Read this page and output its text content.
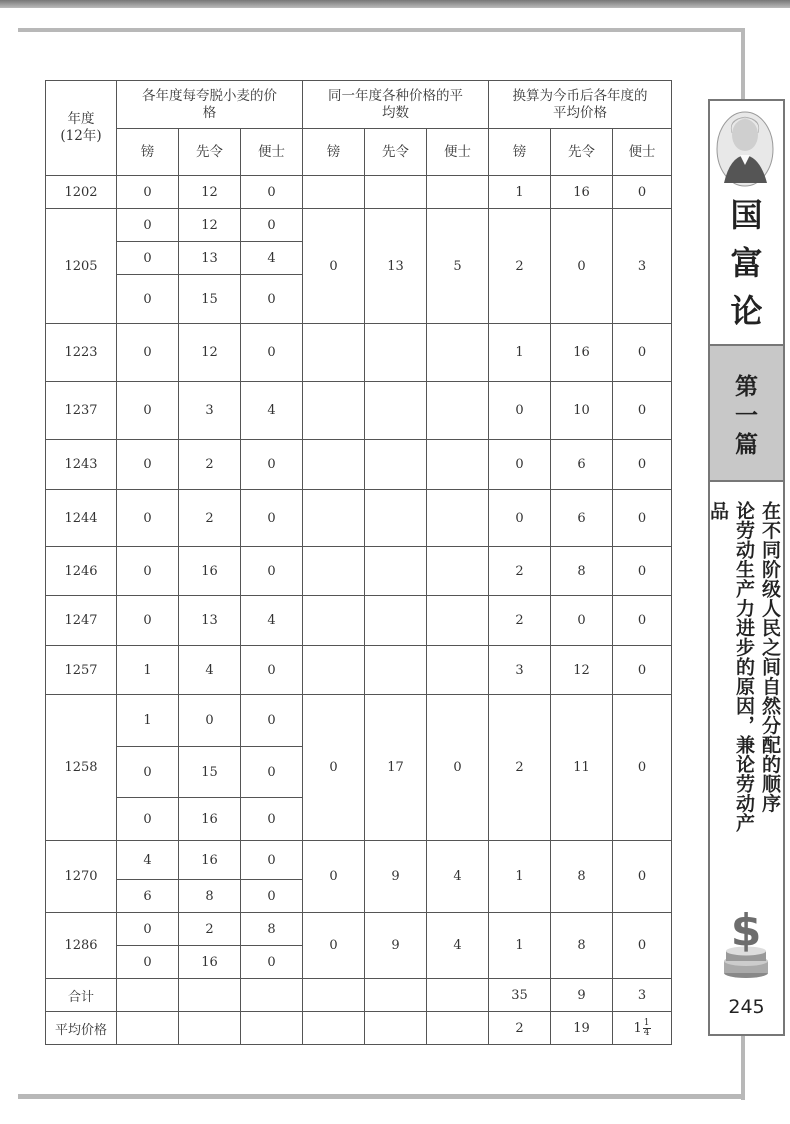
年度
(12年)	各年度每夸脱小麦的价格			同一年度各种价格的平均数			换算为今币后各年度的平均价格		
	镑	先令	便士	镑	先令	便士	镑	先令	便士
1202	0	12	0				1	16	0
1205	0	12	0	0	13	5	2	0	3
	0	13	4						
	0	15	0						
1223	0	12	0				1	16	0
1237	0	3	4				0	10	0
1243	0	2	0				0	6	0
1244	0	2	0				0	6	0
1246	0	16	0				2	8	0
1247	0	13	4				2	0	0
1257	1	4	0				3	12	0
1258	1	0	0	0	17	0	2	11	0
	0	15	0						
	0	16	0						
1270	4	16	0	0	9	4	1	8	0
	6	8	0						
1286	0	2	8	0	9	4	1	8	0
	0	16	0						
合计							35	9	3
平均价格							2	19	$1 \frac{1}{4}$
国富论
第一篇
在不同阶级人民之间自然分配的顺序
论劳动生产力进步的原因，兼论劳动产品
$
245
